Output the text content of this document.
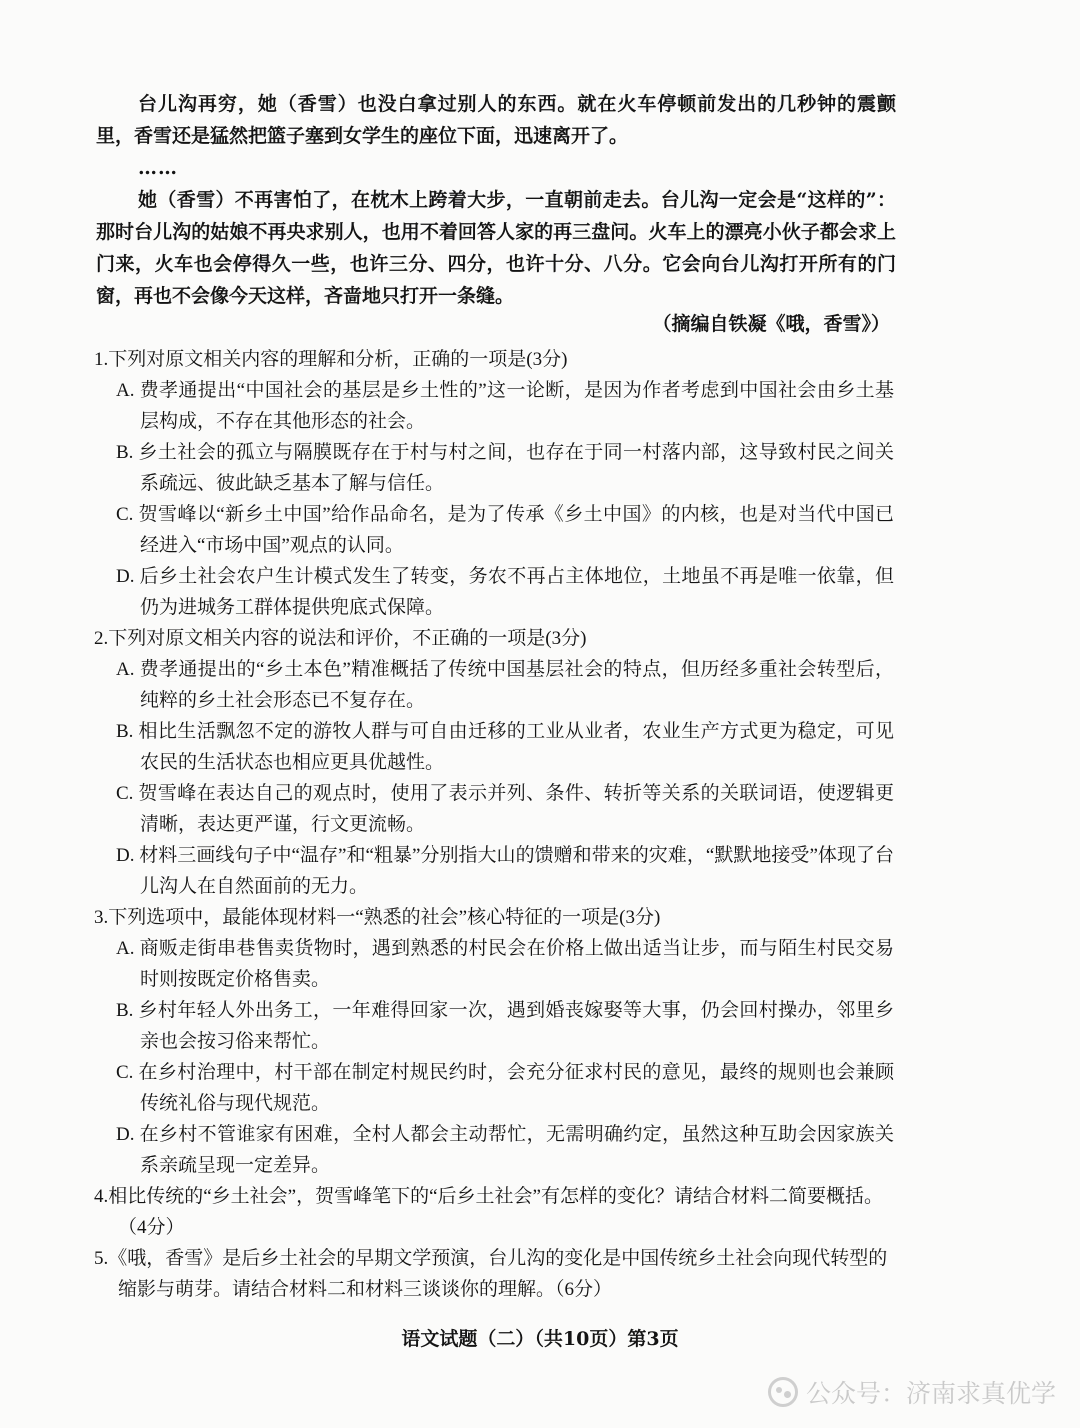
台儿沟再穷，她（香雪）也没白拿过别人的东西。就在火车停顿前发出的几秒钟的震颤里，香雪还是猛然把篮子塞到女学生的座位下面，迅速离开了。

……

她（香雪）不再害怕了，在枕木上跨着大步，一直朝前走去。台儿沟一定会是“这样的”：那时台儿沟的姑娘不再央求别人，也用不着回答人家的再三盘问。火车上的漂亮小伙子都会求上门来，火车也会停得久一些，也许三分、四分，也许十分、八分。它会向台儿沟打开所有的门窗，再也不会像今天这样，吝啬地只打开一条缝。

（摘编自铁凝《哦，香雪》）

1.下列对原文相关内容的理解和分析，正确的一项是(3分)

A. 费孝通提出“中国社会的基层是乡土性的”这一论断，是因为作者考虑到中国社会由乡土基层构成，不存在其他形态的社会。

B. 乡土社会的孤立与隔膜既存在于村与村之间，也存在于同一村落内部，这导致村民之间关系疏远、彼此缺乏基本了解与信任。

C. 贺雪峰以“新乡土中国”给作品命名，是为了传承《乡土中国》的内核，也是对当代中国已经进入“市场中国”观点的认同。

D. 后乡土社会农户生计模式发生了转变，务农不再占主体地位，土地虽不再是唯一依靠，但仍为进城务工群体提供兜底式保障。

2.下列对原文相关内容的说法和评价，不正确的一项是(3分)

A. 费孝通提出的“乡土本色”精准概括了传统中国基层社会的特点，但历经多重社会转型后，纯粹的乡土社会形态已不复存在。

B. 相比生活飘忽不定的游牧人群与可自由迁移的工业从业者，农业生产方式更为稳定，可见农民的生活状态也相应更具优越性。

C. 贺雪峰在表达自己的观点时，使用了表示并列、条件、转折等关系的关联词语，使逻辑更清晰，表达更严谨，行文更流畅。

D. 材料三画线句子中“温存”和“粗暴”分别指大山的馈赠和带来的灾难，“默默地接受”体现了台儿沟人在自然面前的无力。

3.下列选项中，最能体现材料一“熟悉的社会”核心特征的一项是(3分)

A. 商贩走街串巷售卖货物时，遇到熟悉的村民会在价格上做出适当让步，而与陌生村民交易时则按既定价格售卖。

B. 乡村年轻人外出务工，一年难得回家一次，遇到婚丧嫁娶等大事，仍会回村操办，邻里乡亲也会按习俗来帮忙。

C. 在乡村治理中，村干部在制定村规民约时，会充分征求村民的意见，最终的规则也会兼顾传统礼俗与现代规范。

D. 在乡村不管谁家有困难，全村人都会主动帮忙，无需明确约定，虽然这种互助会因家族关系亲疏呈现一定差异。

4.相比传统的“乡土社会”，贺雪峰笔下的“后乡土社会”有怎样的变化？请结合材料二简要概括。（4分）

5.《哦，香雪》是后乡土社会的早期文学预演，台儿沟的变化是中国传统乡土社会向现代转型的缩影与萌芽。请结合材料二和材料三谈谈你的理解。（6分）

语文试题（二）（共10页）第3页
公众号：济南求真优学
